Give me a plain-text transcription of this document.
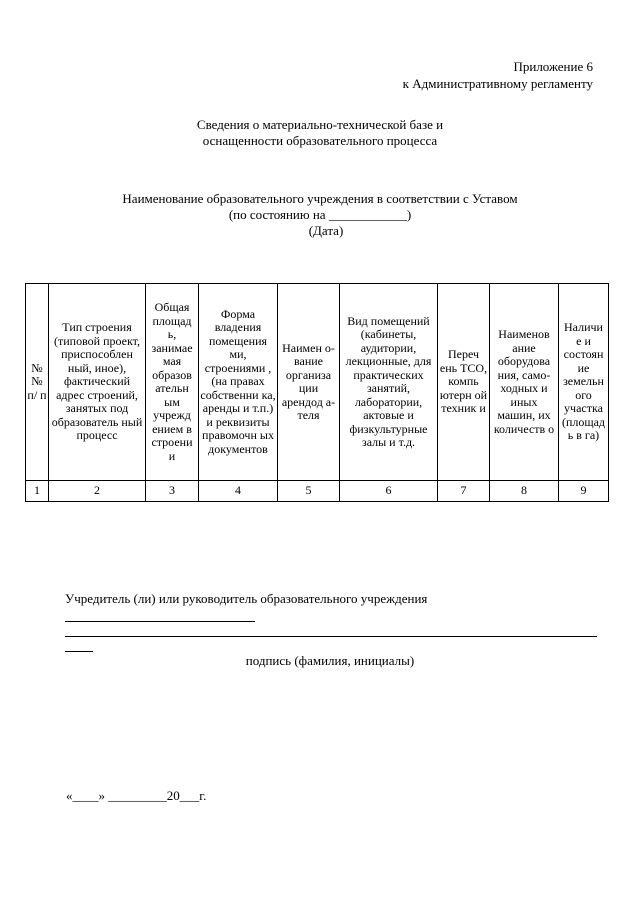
Приложение 6
к Административному регламенту
Сведения о материально-технической базе и
оснащенности образовательного процесса
Наименование образовательного учреждения в соответствии с Уставом
(по состоянию на ____________)
(Дата)
№ № п/ п	Тип строения (типовой проект, приспособлен ный, иное), фактический адрес строений, занятых под образователь ный процесс	Общая площад ь, занимае мая образов ательн ым учрежд ением в строени и	Форма владения помещения ми, строениями , (на правах собственни ка, аренды и т.п.) и реквизиты правомочн ых документов	Наимен о-вание организа ции арендод а-теля	Вид помещений (кабинеты, аудитории, лекционные, для практических занятий, лаборатории, актовые и физкультурные залы и т.д.	Переч ень ТСО, компь ютерн ой техник и	Наименов ание оборудова ния, само- ходных и иных машин, их количеств о	Наличи е и состоян ие земельн ого участка (площад ь в га)
1	2	3	4	5	6	7	8	9
Учредитель (ли) или руководитель образовательного учреждения
подпись (фамилия, инициалы)
«____» _________20___г.
